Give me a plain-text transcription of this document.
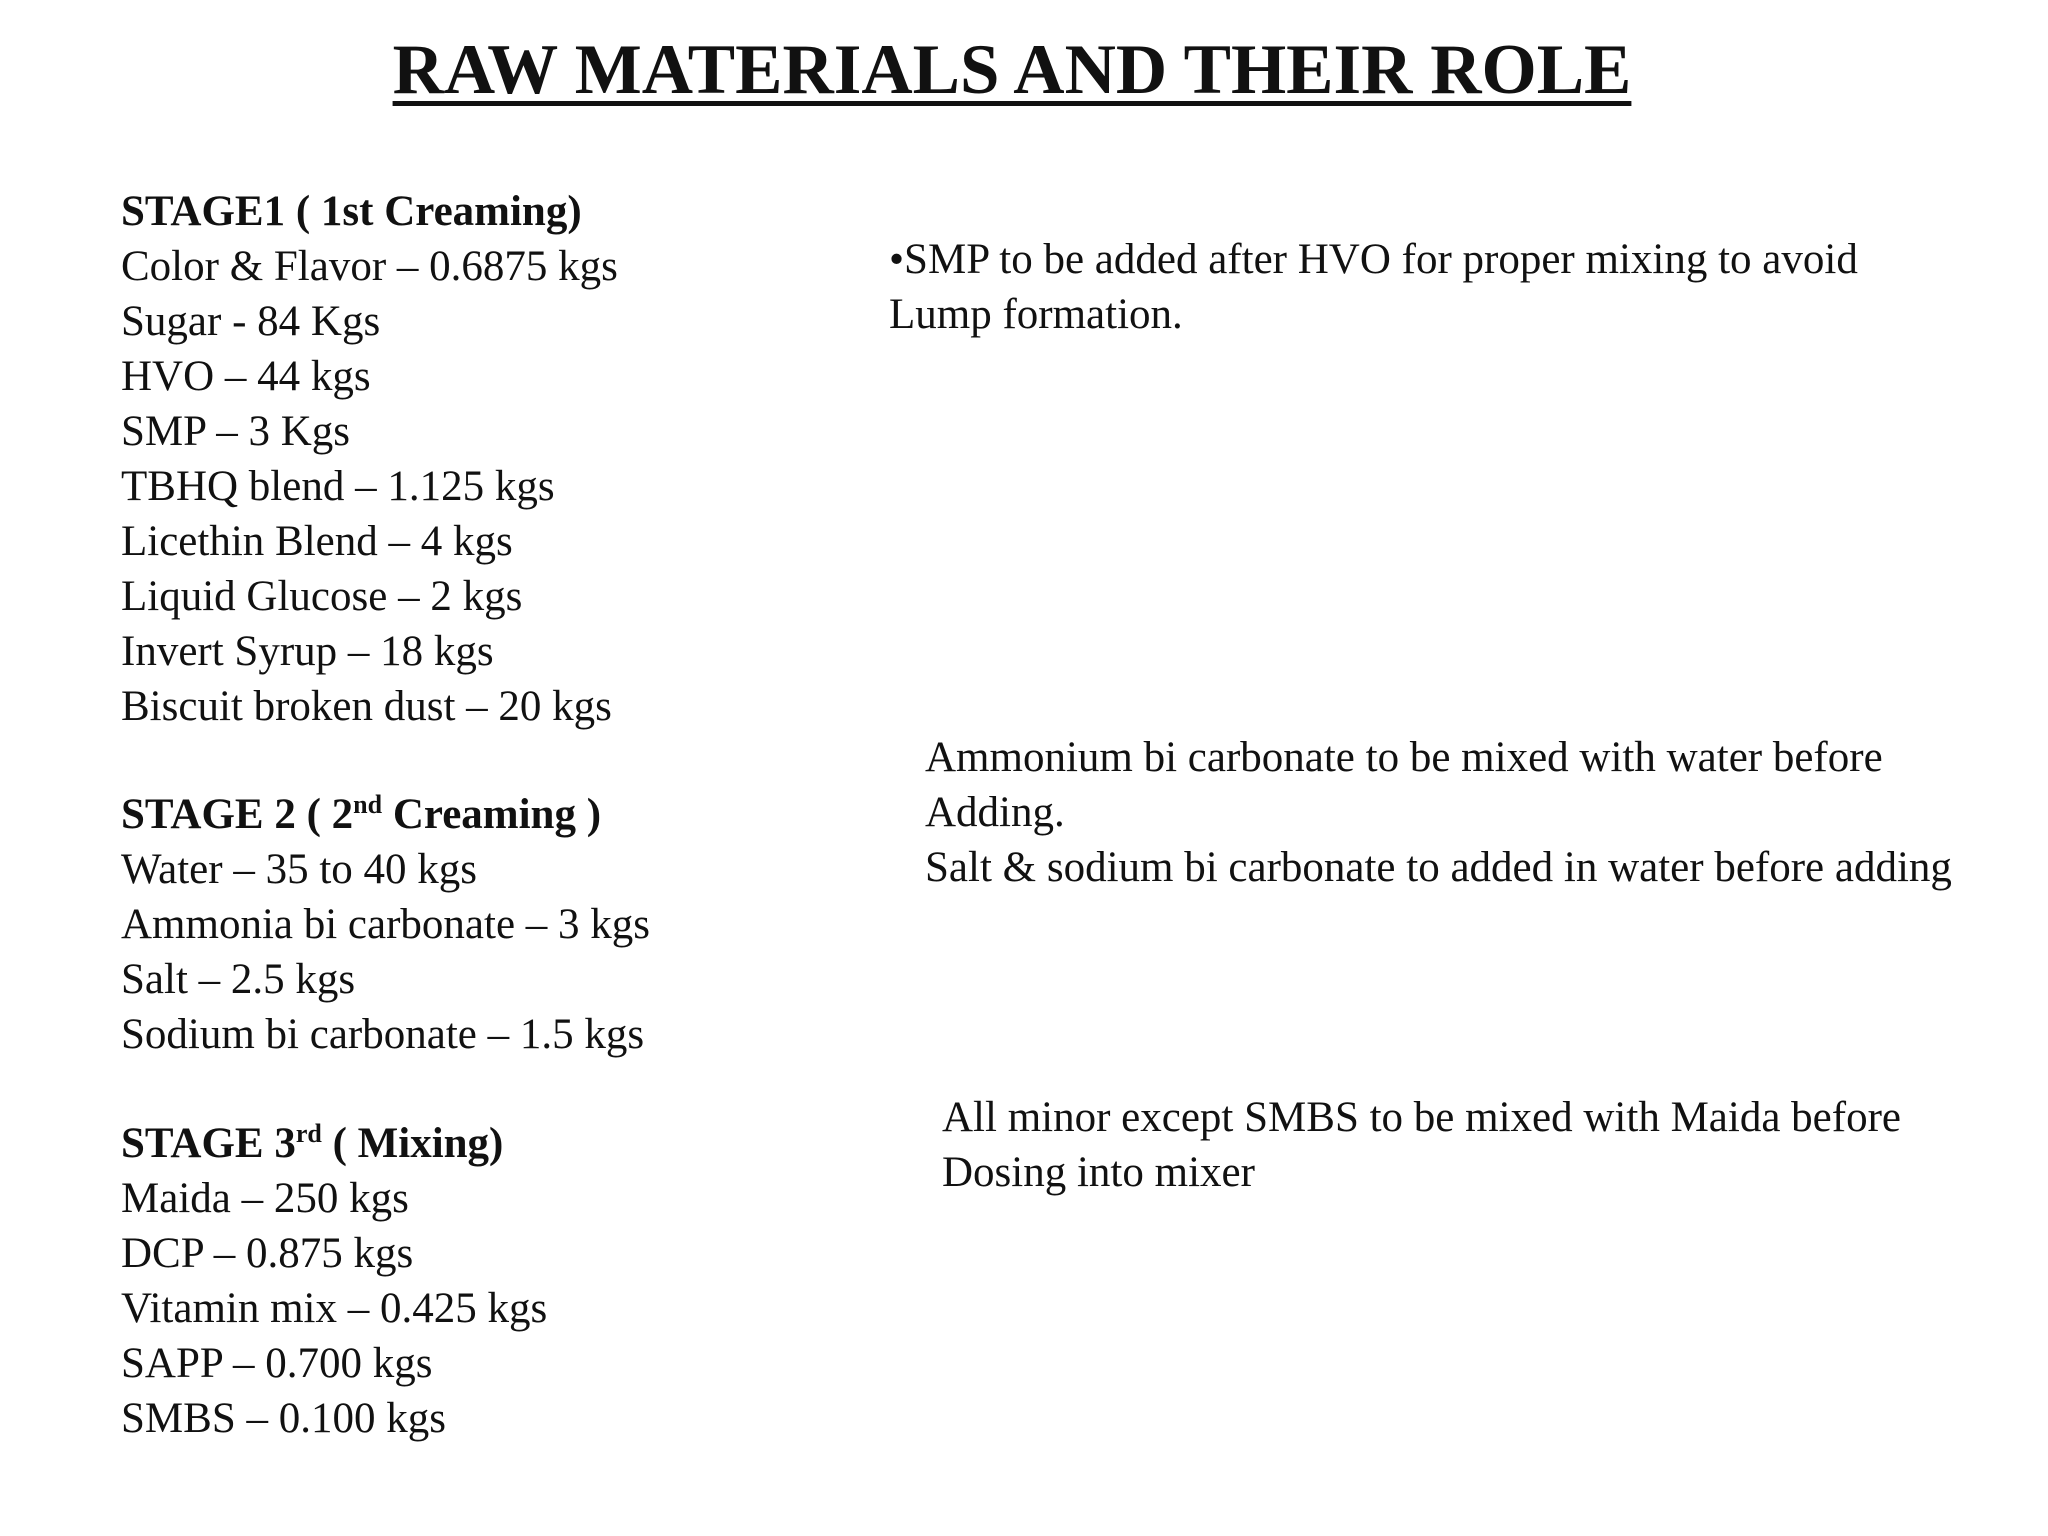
RAW MATERIALS AND THEIR ROLE
STAGE1 ( 1st Creaming)
Color & Flavor – 0.6875 kgs
Sugar - 84 Kgs
HVO – 44 kgs
SMP – 3 Kgs
TBHQ blend – 1.125 kgs
Licethin Blend – 4 kgs
Liquid Glucose – 2 kgs
Invert Syrup – 18 kgs
Biscuit broken dust – 20 kgs
STAGE 2 ( 2nd Creaming )
Water – 35 to 40 kgs
Ammonia bi carbonate – 3 kgs
Salt – 2.5 kgs
Sodium bi carbonate – 1.5 kgs
STAGE 3rd ( Mixing)
Maida – 250 kgs
DCP – 0.875 kgs
Vitamin mix – 0.425 kgs
SAPP – 0.700 kgs
SMBS – 0.100 kgs
•SMP to be added after HVO for proper mixing to avoid
Lump formation.
Ammonium bi carbonate to be mixed with water before
Adding.
Salt & sodium bi carbonate to added in water before adding
All minor except SMBS to be mixed with Maida before
Dosing into mixer
